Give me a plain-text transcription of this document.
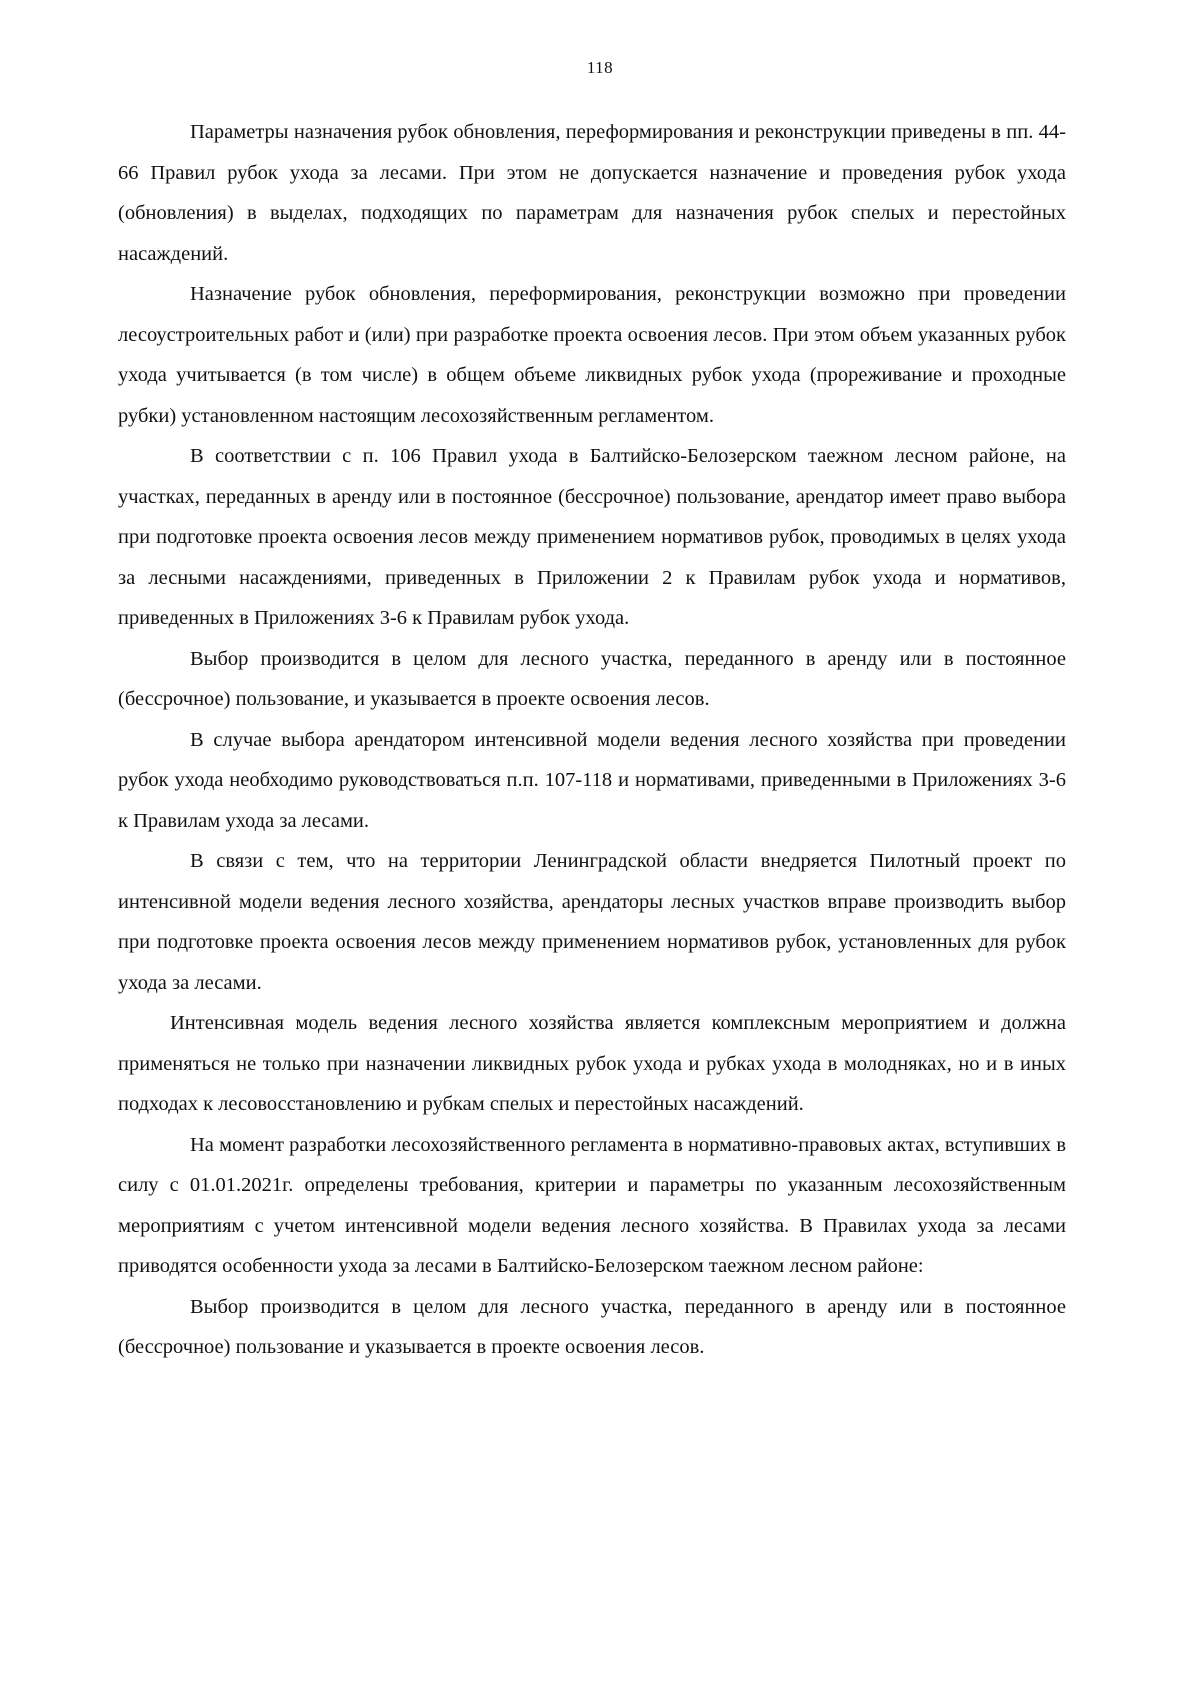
118

Параметры назначения рубок обновления, переформирования и реконструкции приведены в пп. 44-66 Правил рубок ухода за лесами. При этом не допускается назначение и проведения рубок ухода (обновления) в выделах, подходящих по параметрам для назначения рубок спелых и перестойных насаждений.

Назначение рубок обновления, переформирования, реконструкции возможно при проведении лесоустроительных работ и (или) при разработке проекта освоения лесов. При этом объем указанных рубок ухода учитывается (в том числе) в общем объеме ликвидных рубок ухода (прореживание и проходные рубки) установленном настоящим лесохозяйственным регламентом.

В соответствии с п. 106 Правил ухода в Балтийско-Белозерском таежном лесном районе, на участках, переданных в аренду или в постоянное (бессрочное) пользование, арендатор имеет право выбора при подготовке проекта освоения лесов между применением нормативов рубок, проводимых в целях ухода за лесными насаждениями, приведенных в Приложении 2 к Правилам рубок ухода и нормативов, приведенных в Приложениях 3-6 к Правилам рубок ухода.

Выбор производится в целом для лесного участка, переданного в аренду или в постоянное (бессрочное) пользование, и указывается в проекте освоения лесов.

В случае выбора арендатором интенсивной модели ведения лесного хозяйства при проведении рубок ухода необходимо руководствоваться п.п. 107-118 и нормативами, приведенными в Приложениях 3-6 к Правилам ухода за лесами.

В связи с тем, что на территории Ленинградской области внедряется Пилотный проект по интенсивной модели ведения лесного хозяйства, арендаторы лесных участков вправе производить выбор при подготовке проекта освоения лесов между применением нормативов рубок, установленных для рубок ухода за лесами.

Интенсивная модель ведения лесного хозяйства является комплексным мероприятием и должна применяться не только при назначении ликвидных рубок ухода и рубках ухода в молодняках, но и в иных подходах к лесовосстановлению и рубкам спелых и перестойных насаждений.

На момент разработки лесохозяйственного регламента в нормативно-правовых актах, вступивших в силу с 01.01.2021г. определены требования, критерии и параметры по указанным лесохозяйственным мероприятиям с учетом интенсивной модели ведения лесного хозяйства. В Правилах ухода за лесами приводятся особенности ухода за лесами в Балтийско-Белозерском таежном лесном районе:

Выбор производится в целом для лесного участка, переданного в аренду или в постоянное (бессрочное) пользование и указывается в проекте освоения лесов.
